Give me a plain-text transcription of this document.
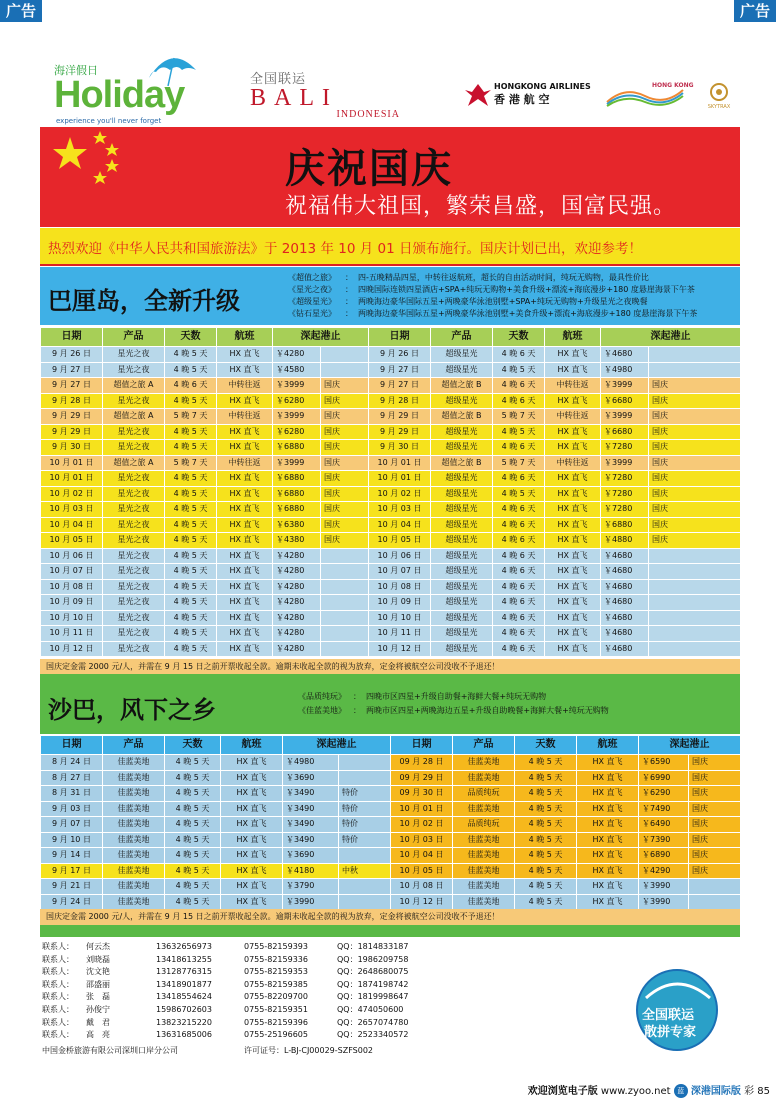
广告	广告
海洋假日
Holiday
experience you'll never forget
全国联运
BALI
INDONESIA
HONGKONG AIRLINES
香 港 航 空
HONG KONG
SKYTRAX
庆祝国庆
祝福伟大祖国，繁荣昌盛，国富民强。
热烈欢迎《中华人民共和国旅游法》于 2013 年 10 月 01 日颁布施行。国庆计划已出，欢迎参考！
巴厘岛，全新升级
《超值之旅》 ： 四-五晚精品四星，中转往返航班，超长的自由活动时间，纯玩无购物，最具性价比
《星光之夜》 ： 四晚国际连锁四星酒店+SPA+纯玩无购物+美食升级+漂流+海底漫步+180 度悬崖海景下午茶
《超级星光》 ： 两晚海边豪华国际五星+两晚豪华泳池别墅+SPA+纯玩无购物+升级星光之夜晚餐
《钻石星光》 ： 两晚海边豪华国际五星+两晚豪华泳池别墅+美食升级+漂流+海底漫步+180 度悬崖海景下午茶
日期	产品	天数	航班	深起港止		日期	产品	天数	航班	深起港止	
9 月 26 日	星光之夜	4 晚 5 天	HX 直飞	￥4280		9 月 26 日	超级星光	4 晚 6 天	HX 直飞	￥4680	
9 月 27 日	星光之夜	4 晚 5 天	HX 直飞	￥4580		9 月 27 日	超级星光	4 晚 5 天	HX 直飞	￥4980	
9 月 27 日	超值之旅 A	4 晚 6 天	中转往返	￥3999	国庆	9 月 27 日	超值之旅 B	4 晚 6 天	中转往返	￥3999	国庆
9 月 28 日	星光之夜	4 晚 5 天	HX 直飞	￥6280	国庆	9 月 28 日	超级星光	4 晚 6 天	HX 直飞	￥6680	国庆
9 月 29 日	超值之旅 A	5 晚 7 天	中转往返	￥3999	国庆	9 月 29 日	超值之旅 B	5 晚 7 天	中转往返	￥3999	国庆
9 月 29 日	星光之夜	4 晚 5 天	HX 直飞	￥6280	国庆	9 月 29 日	超级星光	4 晚 5 天	HX 直飞	￥6680	国庆
9 月 30 日	星光之夜	4 晚 5 天	HX 直飞	￥6880	国庆	9 月 30 日	超级星光	4 晚 6 天	HX 直飞	￥7280	国庆
10 月 01 日	超值之旅 A	5 晚 7 天	中转往返	￥3999	国庆	10 月 01 日	超值之旅 B	5 晚 7 天	中转往返	￥3999	国庆
10 月 01 日	星光之夜	4 晚 5 天	HX 直飞	￥6880	国庆	10 月 01 日	超级星光	4 晚 6 天	HX 直飞	￥7280	国庆
10 月 02 日	星光之夜	4 晚 5 天	HX 直飞	￥6880	国庆	10 月 02 日	超级星光	4 晚 5 天	HX 直飞	￥7280	国庆
10 月 03 日	星光之夜	4 晚 5 天	HX 直飞	￥6880	国庆	10 月 03 日	超级星光	4 晚 6 天	HX 直飞	￥7280	国庆
10 月 04 日	星光之夜	4 晚 5 天	HX 直飞	￥6380	国庆	10 月 04 日	超级星光	4 晚 6 天	HX 直飞	￥6880	国庆
10 月 05 日	星光之夜	4 晚 5 天	HX 直飞	￥4380	国庆	10 月 05 日	超级星光	4 晚 6 天	HX 直飞	￥4880	国庆
10 月 06 日	星光之夜	4 晚 5 天	HX 直飞	￥4280		10 月 06 日	超级星光	4 晚 6 天	HX 直飞	￥4680	
10 月 07 日	星光之夜	4 晚 5 天	HX 直飞	￥4280		10 月 07 日	超级星光	4 晚 6 天	HX 直飞	￥4680	
10 月 08 日	星光之夜	4 晚 5 天	HX 直飞	￥4280		10 月 08 日	超级星光	4 晚 6 天	HX 直飞	￥4680	
10 月 09 日	星光之夜	4 晚 5 天	HX 直飞	￥4280		10 月 09 日	超级星光	4 晚 6 天	HX 直飞	￥4680	
10 月 10 日	星光之夜	4 晚 5 天	HX 直飞	￥4280		10 月 10 日	超级星光	4 晚 6 天	HX 直飞	￥4680	
10 月 11 日	星光之夜	4 晚 5 天	HX 直飞	￥4280		10 月 11 日	超级星光	4 晚 6 天	HX 直飞	￥4680	
10 月 12 日	星光之夜	4 晚 5 天	HX 直飞	￥4280		10 月 12 日	超级星光	4 晚 6 天	HX 直飞	￥4680	
国庆定金需 2000 元/人，并需在 9 月 15 日之前开票收起全款。逾期未收起全款的视为放弃，定金将被航空公司没收不予退还！
沙巴，风下之乡	《品质纯玩》 ： 四晚市区四星+升级自助餐+海鲜大餐+纯玩无购物
《佳蓝美地》 ： 两晚市区四星+两晚海边五星+升级自助晚餐+海鲜大餐+纯玩无购物
日期	产品	天数	航班	深起港止		日期	产品	天数	航班	深起港止	
8 月 24 日	佳蓝美地	4 晚 5 天	HX 直飞	￥4980		09 月 28 日	佳蓝美地	4 晚 5 天	HX 直飞	￥6590	国庆
8 月 27 日	佳蓝美地	4 晚 5 天	HX 直飞	￥3690		09 月 29 日	佳蓝美地	4 晚 5 天	HX 直飞	￥6990	国庆
8 月 31 日	佳蓝美地	4 晚 5 天	HX 直飞	￥3490	特价	09 月 30 日	品质纯玩	4 晚 5 天	HX 直飞	￥6290	国庆
9 月 03 日	佳蓝美地	4 晚 5 天	HX 直飞	￥3490	特价	10 月 01 日	佳蓝美地	4 晚 5 天	HX 直飞	￥7490	国庆
9 月 07 日	佳蓝美地	4 晚 5 天	HX 直飞	￥3490	特价	10 月 02 日	品质纯玩	4 晚 5 天	HX 直飞	￥6490	国庆
9 月 10 日	佳蓝美地	4 晚 5 天	HX 直飞	￥3490	特价	10 月 03 日	佳蓝美地	4 晚 5 天	HX 直飞	￥7390	国庆
9 月 14 日	佳蓝美地	4 晚 5 天	HX 直飞	￥3690		10 月 04 日	佳蓝美地	4 晚 5 天	HX 直飞	￥6890	国庆
9 月 17 日	佳蓝美地	4 晚 5 天	HX 直飞	￥4180	中秋	10 月 05 日	佳蓝美地	4 晚 5 天	HX 直飞	￥4290	国庆
9 月 21 日	佳蓝美地	4 晚 5 天	HX 直飞	￥3790		10 月 08 日	佳蓝美地	4 晚 5 天	HX 直飞	￥3990	
9 月 24 日	佳蓝美地	4 晚 5 天	HX 直飞	￥3990		10 月 12 日	佳蓝美地	4 晚 5 天	HX 直飞	￥3990	
国庆定金需 2000 元/人，并需在 9 月 15 日之前开票收起全款。逾期未收起全款的视为放弃，定金将被航空公司没收不予退还！
联系人： 何云杰	13632656973	0755-82159393	QQ：1814833187
联系人： 刘晓磊	13418613255	0755-82159336	QQ：1986209758
联系人： 沈文艳	13128776315	0755-82159353	QQ：2648680075
联系人： 邵盛丽	13418901877	0755-82159385	QQ：1874198742
联系人： 张　磊	13418554624	0755-82209700	QQ：1819998647
联系人： 孙俊宁	15986702603	0755-82159351	QQ：474050600
联系人： 戴　君	13823215220	0755-82159396	QQ：2657074780
联系人： 高　亮	13631685006	0755-25196605	QQ：2523340572
中国金桥旅游有限公司深圳口岸分公司	许可证号：L-BJ-CJ00029-SZFS002
全国联运
散拼专家
欢迎浏览电子版 www.zyoo.net 蓝 深港国际版 彩 85
